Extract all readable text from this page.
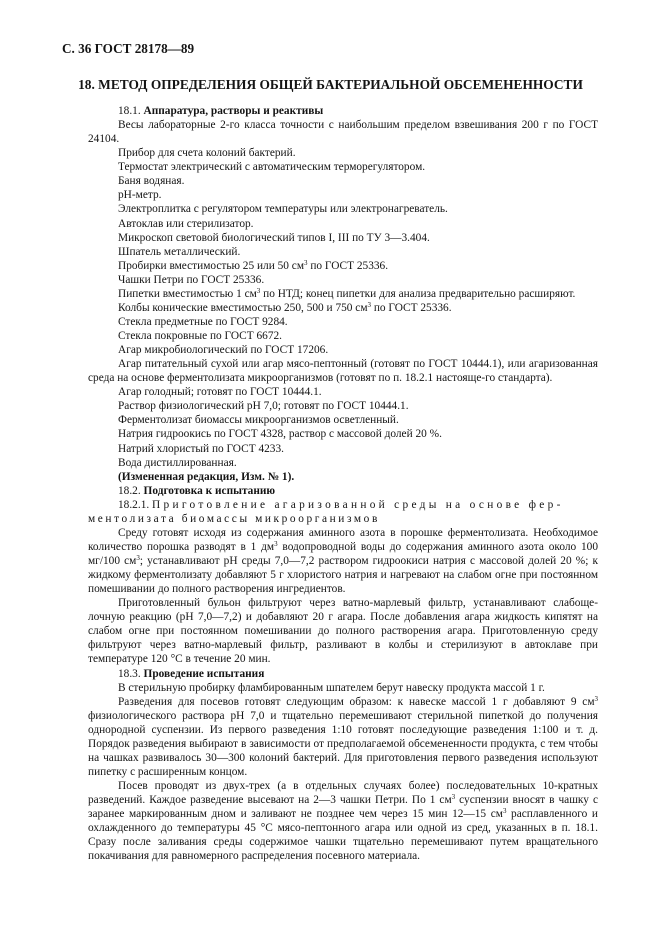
С. 36 ГОСТ 28178—89
18. МЕТОД ОПРЕДЕЛЕНИЯ ОБЩЕЙ БАКТЕРИАЛЬНОЙ ОБСЕМЕНЕННОСТИ

18.1. Аппаратура, растворы и реактивы

Весы лабораторные 2-го класса точности с наибольшим пределом взвешивания 200 г по ГОСТ 24104.

Прибор для счета колоний бактерий.

Термостат электрический с автоматическим терморегулятором.

Баня водяная.

рН-метр.

Электроплитка с регулятором температуры или электронагреватель.

Автоклав или стерилизатор.

Микроскоп световой биологический типов I, III по ТУ 3—3.404.

Шпатель металлический.

Пробирки вместимостью 25 или 50 $см^3$ по ГОСТ 25336.

Чашки Петри по ГОСТ 25336.

Пипетки вместимостью 1 $см^3$ по НТД; конец пипетки для анализа предварительно расширяют.

Колбы конические вместимостью 250, 500 и 750 $см^3$ по ГОСТ 25336.

Стекла предметные по ГОСТ 9284.

Стекла покровные по ГОСТ 6672.

Агар микробиологический по ГОСТ 17206.

Агар питательный сухой или агар мясо-пептонный (готовят по ГОСТ 10444.1), или агаризованная среда на основе ферментолизата микроорганизмов (готовят по п. 18.2.1 настояще-го стандарта).

Агар голодный; готовят по ГОСТ 10444.1.

Раствор физиологический рН 7,0; готовят по ГОСТ 10444.1.

Ферментолизат биомассы микроорганизмов осветленный.

Натрия гидроокись по ГОСТ 4328, раствор с массовой долей 20 %.

Натрий хлористый по ГОСТ 4233.

Вода дистиллированная.

(Измененная редакция, Изм. № 1).

18.2. Подготовка к испытанию

18.2.1. Приготовление агаризованной среды на основе фер-

ментолизата биомассы микроорганизмов

Среду готовят исходя из содержания аминного азота в порошке ферментолизата. Необходимое количество порошка разводят в 1 $дм^3$ водопроводной воды до содержания аминного азота около 100 мг/100 $см^3$; устанавливают рН среды 7,0—7,2 раствором гидроокиси натрия с массовой долей 20 %; к жидкому ферментолизату добавляют 5 г хлористого натрия и нагревают на слабом огне при постоянном помешивании до полного растворения ингредиентов.

Приготовленный бульон фильтруют через ватно-марлевый фильтр, устанавливают слабоще-лочную реакцию (рН 7,0—7,2) и добавляют 20 г агара. После добавления агара жидкость кипятят на слабом огне при постоянном помешивании до полного растворения агара. Приготовленную среду фильтруют через ватно-марлевый фильтр, разливают в колбы и стерилизуют в автоклаве при температуре 120 °С в течение 20 мин.

18.3. Проведение испытания

В стерильную пробирку фламбированным шпателем берут навеску продукта массой 1 г.

Разведения для посевов готовят следующим образом: к навеске массой 1 г добавляют 9 $см^3$ физиологического раствора рН 7,0 и тщательно перемешивают стерильной пипеткой до получения однородной суспензии. Из первого разведения 1:10 готовят последующие разведения 1:100 и т. д. Порядок разведения выбирают в зависимости от предполагаемой обсемененности продукта, с тем чтобы на чашках развивалось 30—300 колоний бактерий. Для приготовления первого разведения используют пипетку с расширенным концом.

Посев проводят из двух-трех (а в отдельных случаях более) последовательных 10-кратных разведений. Каждое разведение высевают на 2—3 чашки Петри. По 1 $см^3$ суспензии вносят в чашку с заранее маркированным дном и заливают не позднее чем через 15 мин 12—15 $см^3$ расплавленного и охлажденного до температуры 45 °С мясо-пептонного агара или одной из сред, указанных в п. 18.1. Сразу после заливания среды содержимое чашки тщательно перемешивают путем вращательного покачивания для равномерного распределения посевного материала.
